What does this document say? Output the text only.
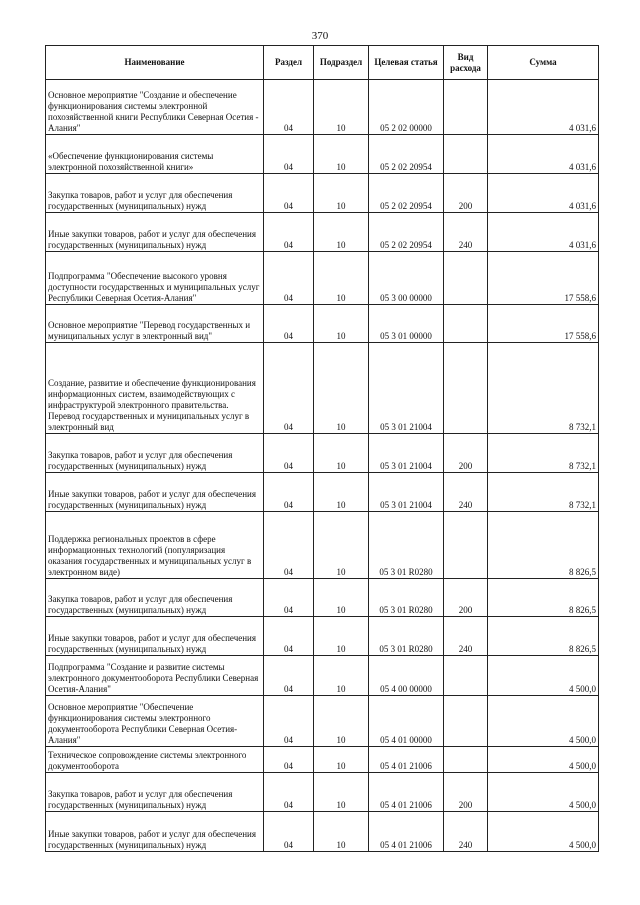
370
Наименование	Раздел	Подраздел	Целевая статья	Вид расхода	Сумма
Основное мероприятие "Создание и обеспечение функционирования системы электронной похозяйственной книги Республики Северная Осетия - Алания"	04	10	05 2 02 00000		4 031,6
«Обеспечение функционирования системы электронной похозяйственной книги»	04	10	05 2 02 20954		4 031,6
Закупка товаров, работ и услуг для обеспечения государственных (муниципальных) нужд	04	10	05 2 02 20954	200	4 031,6
Иные закупки товаров, работ и услуг для обеспечения государственных (муниципальных) нужд	04	10	05 2 02 20954	240	4 031,6
Подпрограмма "Обеспечение высокого уровня доступности государственных и муниципальных услуг Республики Северная Осетия-Алания"	04	10	05 3 00 00000		17 558,6
Основное мероприятие "Перевод государственных и муниципальных услуг в электронный вид"	04	10	05 3 01 00000		17 558,6
Создание, развитие и обеспечение функционирования информационных систем, взаимодействующих с инфраструктурой электронного правительства. Перевод государственных и муниципальных услуг в электронный вид	04	10	05 3 01 21004		8 732,1
Закупка товаров, работ и услуг для обеспечения государственных (муниципальных) нужд	04	10	05 3 01 21004	200	8 732,1
Иные закупки товаров, работ и услуг для обеспечения государственных (муниципальных) нужд	04	10	05 3 01 21004	240	8 732,1
Поддержка региональных проектов в сфере информационных технологий (популяризация оказания государственных и муниципальных услуг в электронном виде)	04	10	05 3 01 R0280		8 826,5
Закупка товаров, работ и услуг для обеспечения государственных (муниципальных) нужд	04	10	05 3 01 R0280	200	8 826,5
Иные закупки товаров, работ и услуг для обеспечения государственных (муниципальных) нужд	04	10	05 3 01 R0280	240	8 826,5
Подпрограмма "Создание и развитие системы электронного документооборота Республики Северная Осетия-Алания"	04	10	05 4 00 00000		4 500,0
Основное мероприятие "Обеспечение функционирования системы электронного документооборота Республики Северная Осетия-Алания"	04	10	05 4 01 00000		4 500,0
Техническое сопровождение системы электронного документооборота	04	10	05 4 01 21006		4 500,0
Закупка товаров, работ и услуг для обеспечения государственных (муниципальных) нужд	04	10	05 4 01 21006	200	4 500,0
Иные закупки товаров, работ и услуг для обеспечения государственных (муниципальных) нужд	04	10	05 4 01 21006	240	4 500,0
